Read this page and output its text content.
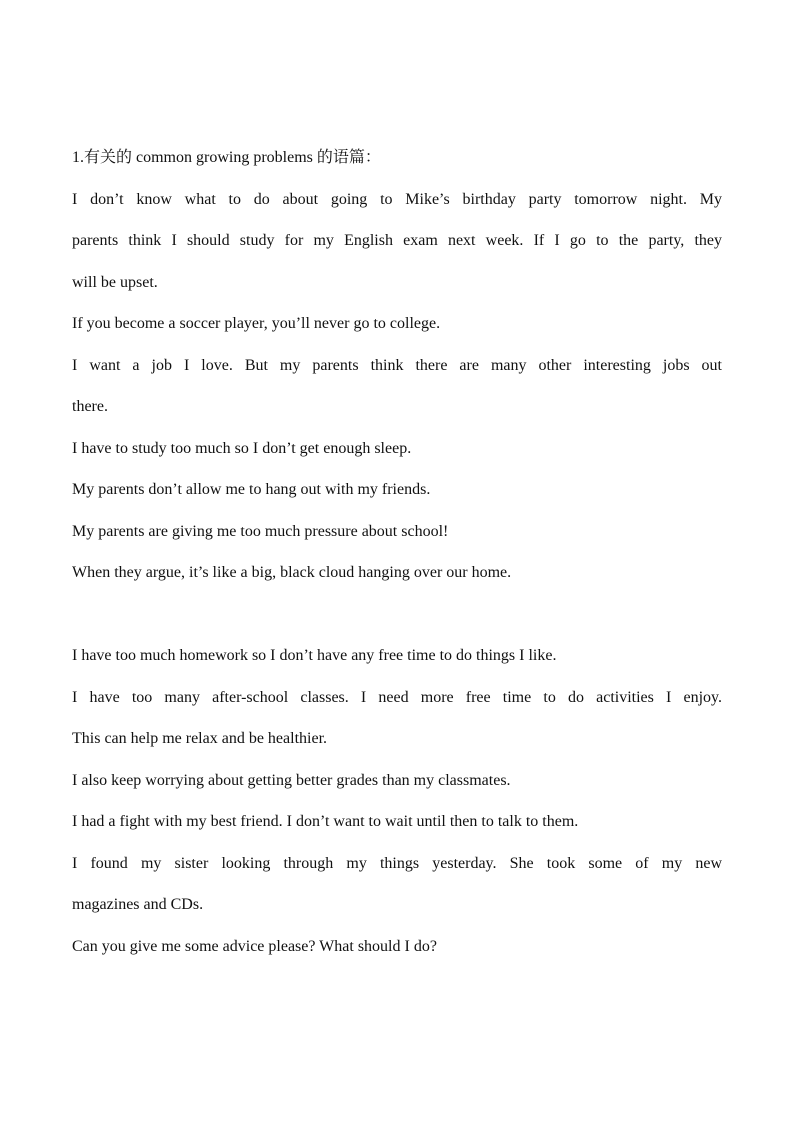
1.有关的 common growing problems 的语篇：
I don’t know what to do about going to Mike’s birthday party tomorrow night. My
parents think I should study for my English exam next week. If I go to the party, they
will be upset.
If you become a soccer player, you’ll never go to college.
I want a job I love. But my parents think there are many other interesting jobs out
there.
I have to study too much so I don’t get enough sleep.
My parents don’t allow me to hang out with my friends.
My parents are giving me too much pressure about school!
When they argue, it’s like a big, black cloud hanging over our home.
I have too much homework so I don’t have any free time to do things I like.
I have too many after-school classes. I need more free time to do activities I enjoy.
This can help me relax and be healthier.
I also keep worrying about getting better grades than my classmates.
I had a fight with my best friend. I don’t want to wait until then to talk to them.
I found my sister looking through my things yesterday. She took some of my new
magazines and CDs.
Can you give me some advice please? What should I do?
